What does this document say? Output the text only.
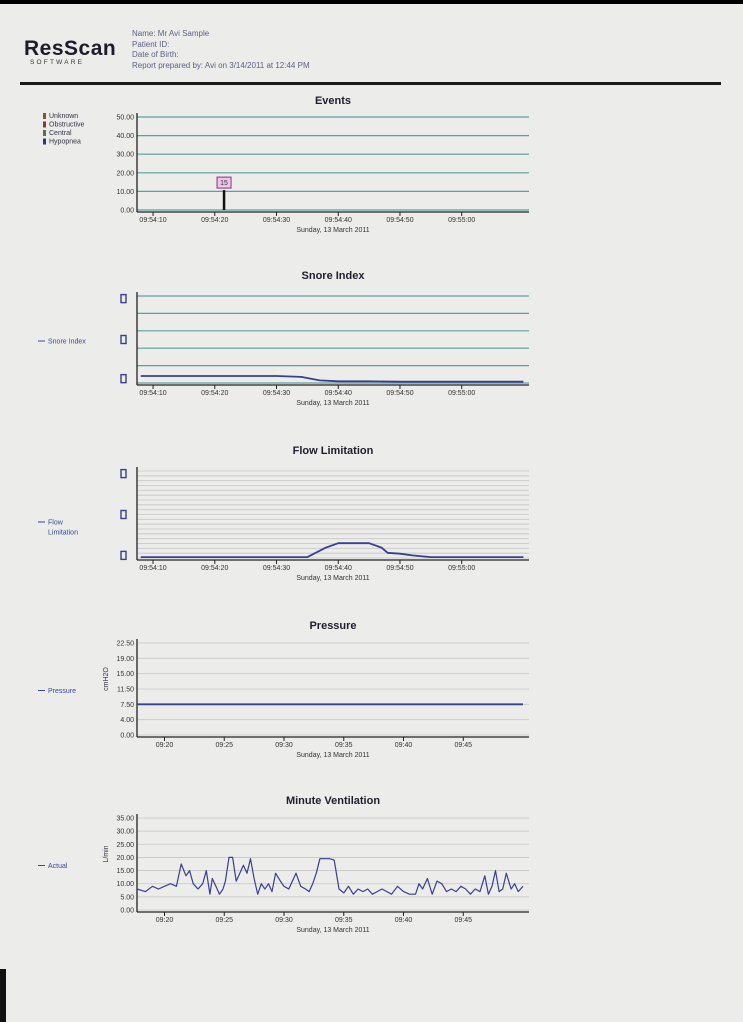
ResScan
SOFTWARE
Name: Mr Avi Sample
Patient ID:
Date of Birth:
Report prepared by: Avi on 3/14/2011 at 12:44 PM
Events
0.00
10.00
20.00
30.00
40.00
50.00
09:54:10	09:54:20	09:54:30	09:54:40	09:54:50	09:55:00
Sunday, 13 March 2011
Unknown
Obstructive
Central
Hypopnea
15
Snore Index
09:54:10	09:54:20	09:54:30	09:54:40	09:54:50	09:55:00
Sunday, 13 March 2011
Snore Index
Flow Limitation
09:54:10	09:54:20	09:54:30	09:54:40	09:54:50	09:55:00
Sunday, 13 March 2011
Flow
Limitation
Pressure
0.00
4.00
7.50
11.50
15.00
19.00
22.50
09:20	09:25	09:30	09:35	09:40	09:45
Sunday, 13 March 2011
cmH2O
Pressure
Minute Ventilation
0.00
5.00
10.00
15.00
20.00
25.00
30.00
35.00
09:20	09:25	09:30	09:35	09:40	09:45
Sunday, 13 March 2011
L/min
Actual
